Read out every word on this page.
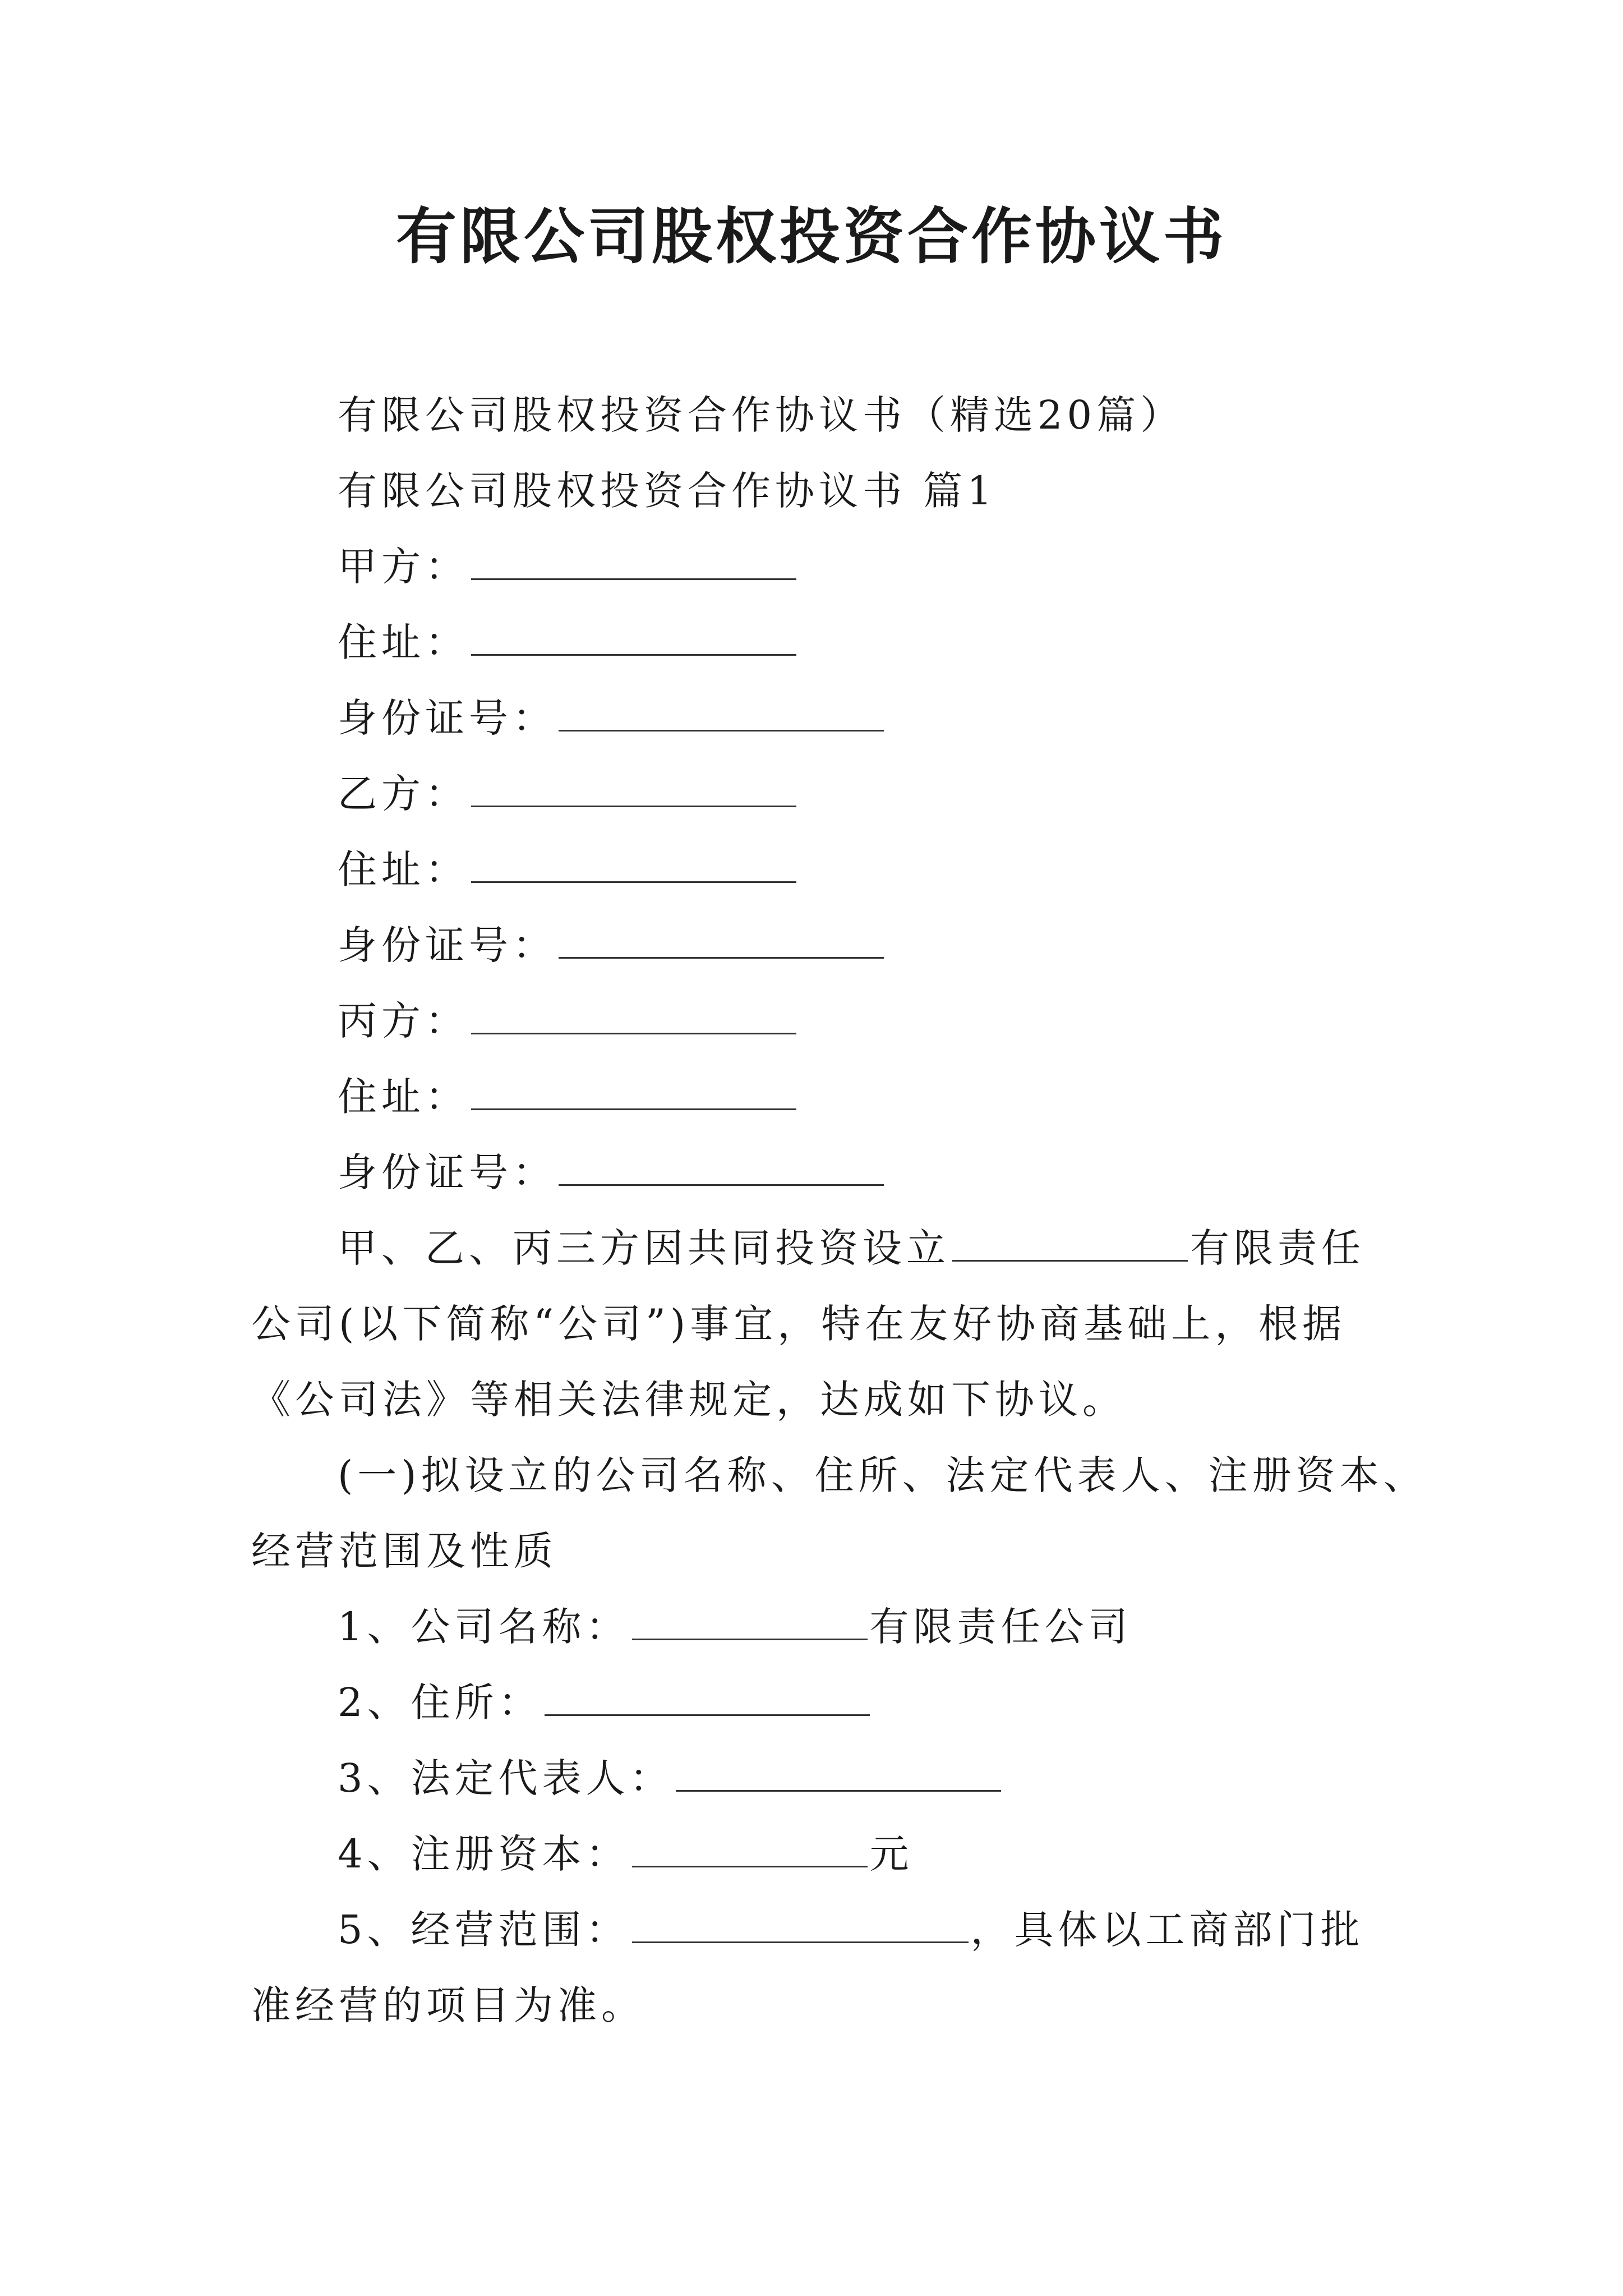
有限公司股权投资合作协议书
有限公司股权投资合作协议书（精选20篇）
有限公司股权投资合作协议书 篇1
甲方：
住址：
身份证号：
乙方：
住址：
身份证号：
丙方：
住址：
身份证号：
甲、乙、丙三方因共同投资设立	有限责任
公司(以下简称“公司”)事宜，特在友好协商基础上，根据
《公司法》等相关法律规定，达成如下协议。
(一)拟设立的公司名称、住所、法定代表人、注册资本、
经营范围及性质
1、公司名称：	有限责任公司
2、住所：
3、法定代表人：
4、注册资本：	元
5、经营范围：	，具体以工商部门批
准经营的项目为准。
